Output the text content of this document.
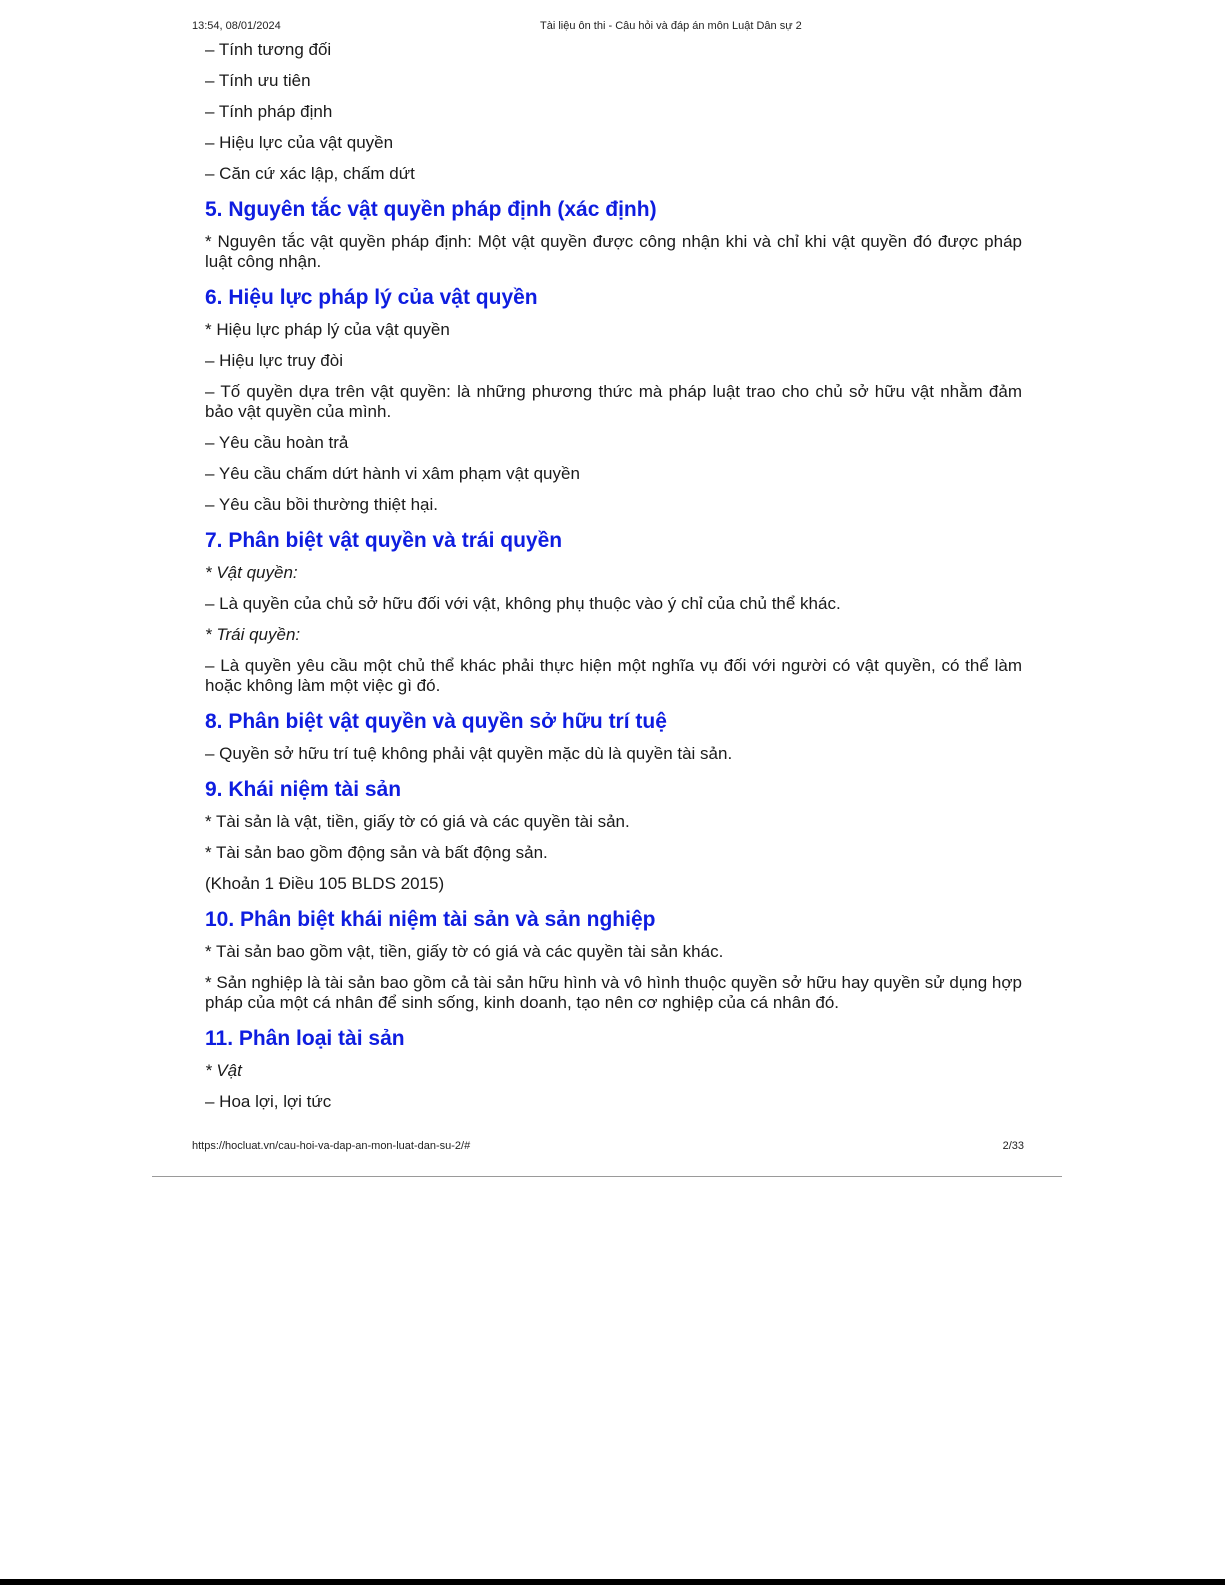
13:54, 08/01/2024	Tài liệu ôn thi - Câu hỏi và đáp án môn Luật Dân sự 2
– Tính tương đối
– Tính ưu tiên
– Tính pháp định
– Hiệu lực của vật quyền
– Căn cứ xác lập, chấm dứt
5. Nguyên tắc vật quyền pháp định (xác định)

* Nguyên tắc vật quyền pháp định: Một vật quyền được công nhận khi và chỉ khi vật quyền đó được pháp luật công nhận.

6. Hiệu lực pháp lý của vật quyền
* Hiệu lực pháp lý của vật quyền
– Hiệu lực truy đòi

– Tố quyền dựa trên vật quyền: là những phương thức mà pháp luật trao cho chủ sở hữu vật nhằm đảm bảo vật quyền của mình.

– Yêu cầu hoàn trả
– Yêu cầu chấm dứt hành vi xâm phạm vật quyền
– Yêu cầu bồi thường thiệt hại.
7. Phân biệt vật quyền và trái quyền
* Vật quyền:
– Là quyền của chủ sở hữu đối với vật, không phụ thuộc vào ý chỉ của chủ thể khác.
* Trái quyền:

– Là quyền yêu cầu một chủ thể khác phải thực hiện một nghĩa vụ đối với người có vật quyền, có thể làm hoặc không làm một việc gì đó.

8. Phân biệt vật quyền và quyền sở hữu trí tuệ
– Quyền sở hữu trí tuệ không phải vật quyền mặc dù là quyền tài sản.
9. Khái niệm tài sản
* Tài sản là vật, tiền, giấy tờ có giá và các quyền tài sản.
* Tài sản bao gồm động sản và bất động sản.
(Khoản 1 Điều 105 BLDS 2015)
10. Phân biệt khái niệm tài sản và sản nghiệp
* Tài sản bao gồm vật, tiền, giấy tờ có giá và các quyền tài sản khác.

* Sản nghiệp là tài sản bao gồm cả tài sản hữu hình và vô hình thuộc quyền sở hữu hay quyền sử dụng hợp pháp của một cá nhân để sinh sống, kinh doanh, tạo nên cơ nghiệp của cá nhân đó.

11. Phân loại tài sản
* Vật
– Hoa lợi, lợi tức
https://hocluat.vn/cau-hoi-va-dap-an-mon-luat-dan-su-2/#	2/33
